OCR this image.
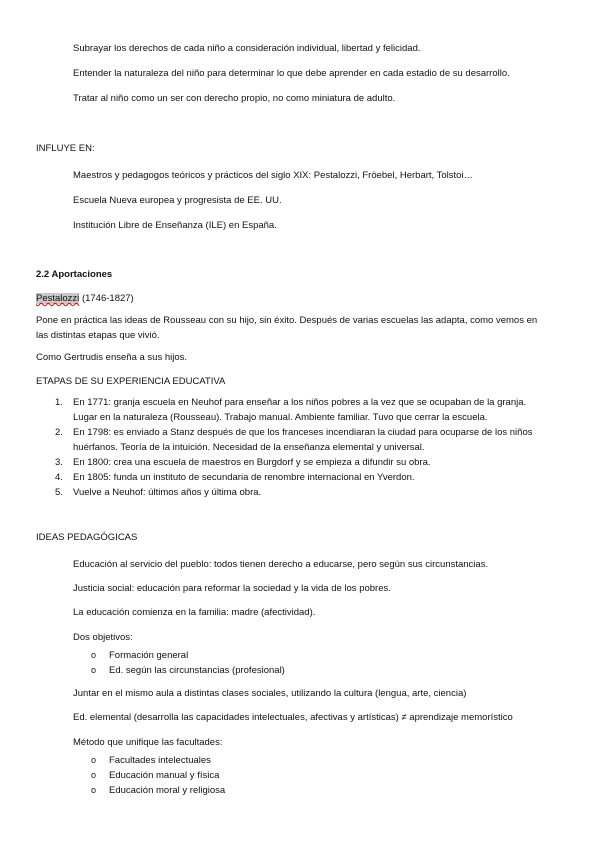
Subrayar los derechos de cada niño a consideración individual, libertad y felicidad.
Entender la naturaleza del niño para determinar lo que debe aprender en cada estadio de su desarrollo.
Tratar al niño como un ser con derecho propio, no como miniatura de adulto.
INFLUYE EN:
Maestros y pedagogos teóricos y prácticos del siglo XIX: Pestalozzi, Fröebel, Herbart, Tolstoi…
Escuela Nueva europea y progresista de EE. UU.
Institución Libre de Enseñanza (ILE) en España.
2.2 Aportaciones
Pestalozzi (1746-1827)
Pone en práctica las ideas de Rousseau con su hijo, sin éxito. Después de varias escuelas las adapta, como vemos en
las distintas etapas que vivió.
Como Gertrudis enseña a sus hijos.
ETAPAS DE SU EXPERIENCIA EDUCATIVA
1. En 1771: granja escuela en Neuhof para enseñar a los niños pobres a la vez que se ocupaban de la granja.
Lugar en la naturaleza (Rousseau). Trabajo manual. Ambiente familiar. Tuvo que cerrar la escuela.
2. En 1798: es enviado a Stanz después de que los franceses incendiaran la ciudad para ocuparse de los niños
huérfanos. Teoría de la intuición. Necesidad de la enseñanza elemental y universal.
3. En 1800: crea una escuela de maestros en Burgdorf y se empieza a difundir su obra.
4. En 1805: funda un instituto de secundaria de renombre internacional en Yverdon.
5. Vuelve a Neuhof: últimos años y última obra.
IDEAS PEDAGÓGICAS
Educación al servicio del pueblo: todos tienen derecho a educarse, pero según sus circunstancias.
Justicia social: educación para reformar la sociedad y la vida de los pobres.
La educación comienza en la familia: madre (afectividad).
Dos objetivos:
o Formación general
o Ed. según las circunstancias (profesional)
Juntar en el mismo aula a distintas clases sociales, utilizando la cultura (lengua, arte, ciencia)
Ed. elemental (desarrolla las capacidades intelectuales, afectivas y artísticas) ≠ aprendizaje memorístico
Método que unifique las facultades:
o Facultades intelectuales
o Educación manual y física
o Educación moral y religiosa
